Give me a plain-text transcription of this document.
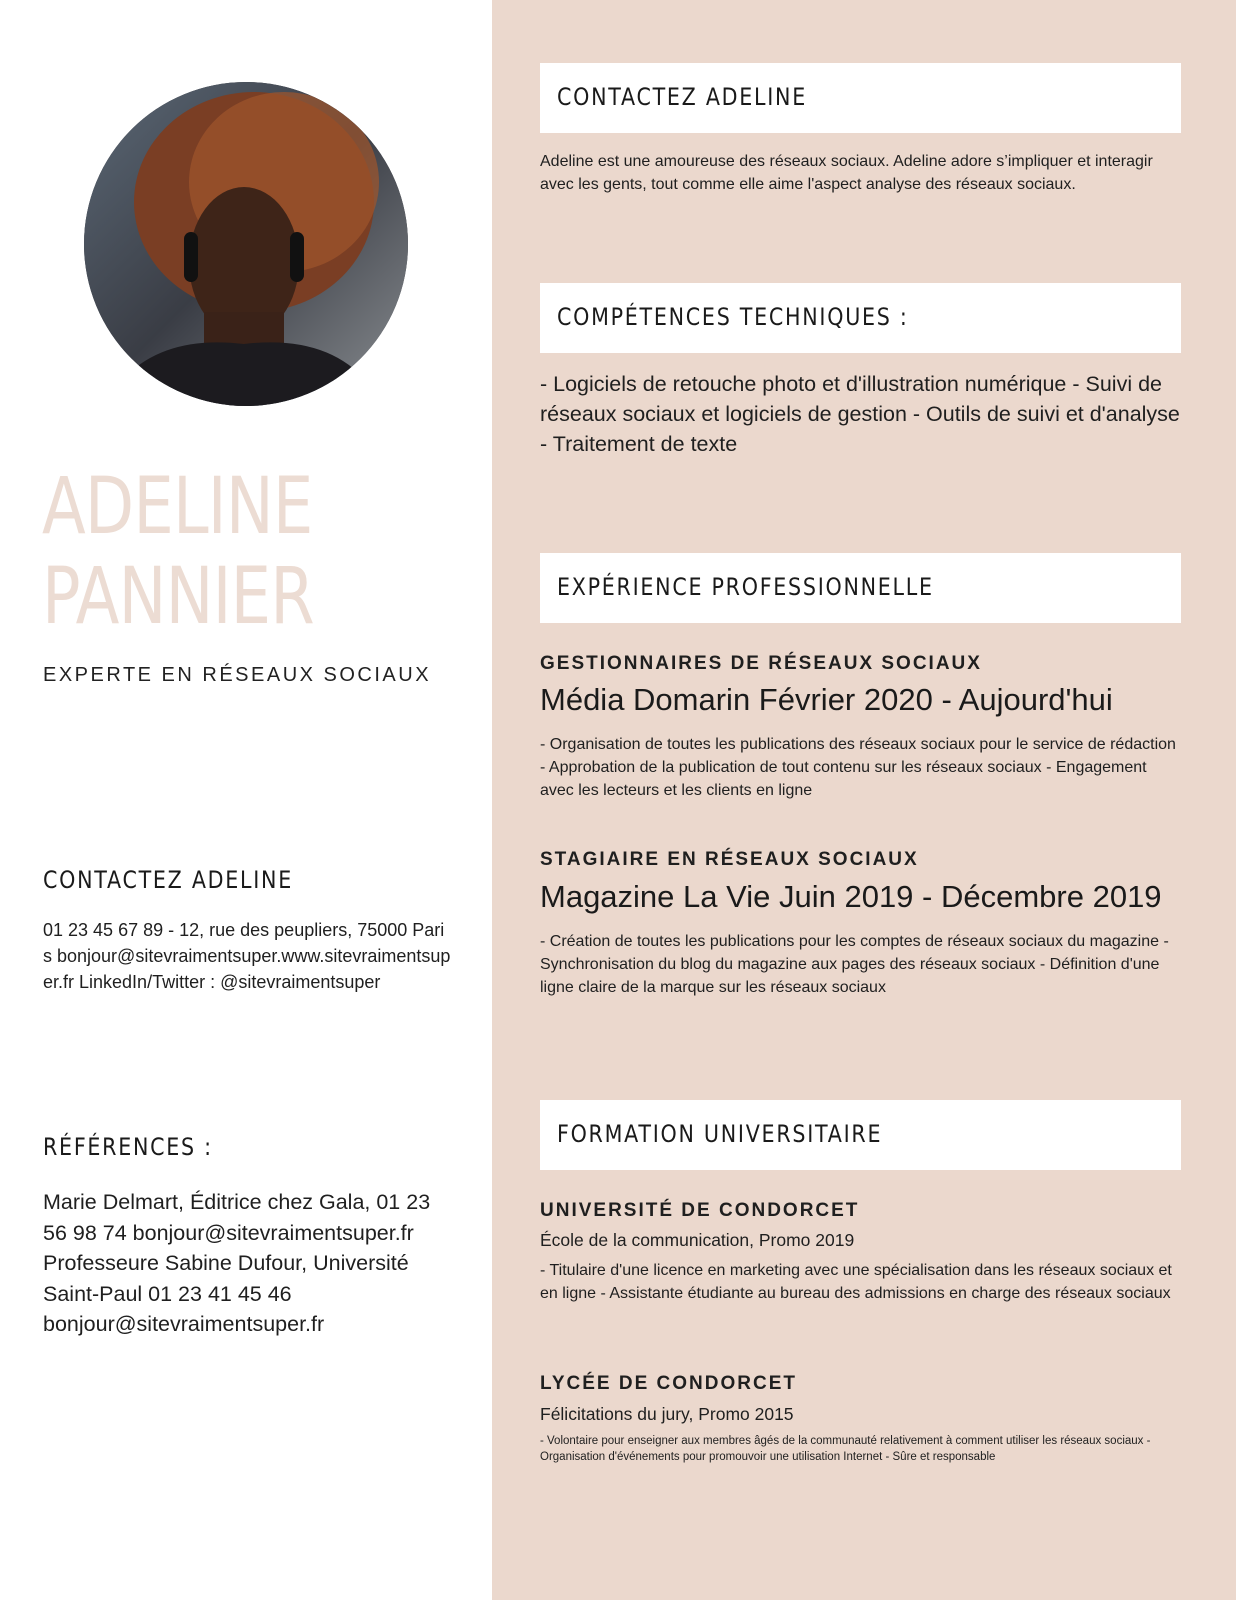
ADELINE
PANNIER
EXPERTE EN RÉSEAUX SOCIAUX
CONTACTEZ ADELINE
01 23 45 67 89 - 12, rue des peupliers, 75000 Paris bonjour@sitevraimentsuper.www.sitevraimentsuper.fr LinkedIn/Twitter : @sitevraimentsuper
RÉFÉRENCES :
Marie Delmart, Éditrice chez Gala, 01 23 56 98 74 bonjour@sitevraimentsuper.fr Professeure Sabine Dufour, Université Saint-Paul 01 23 41 45 46 bonjour@sitevraimentsuper.fr
CONTACTEZ ADELINE
Adeline est une amoureuse des réseaux sociaux. Adeline adore s’impliquer et interagir avec les gents, tout comme elle aime l'aspect analyse des réseaux sociaux.
COMPÉTENCES TECHNIQUES :
- Logiciels de retouche photo et d'illustration numérique - Suivi de réseaux sociaux et logiciels de gestion - Outils de suivi et d'analyse - Traitement de texte
EXPÉRIENCE PROFESSIONNELLE
GESTIONNAIRES DE RÉSEAUX SOCIAUX
Média Domarin Février 2020 - Aujourd'hui
- Organisation de toutes les publications des réseaux sociaux pour le service de rédaction - Approbation de la publication de tout contenu sur les réseaux sociaux - Engagement avec les lecteurs et les clients en ligne
STAGIAIRE EN RÉSEAUX SOCIAUX
Magazine La Vie Juin 2019 - Décembre 2019
- Création de toutes les publications pour les comptes de réseaux sociaux du magazine - Synchronisation du blog du magazine aux pages des réseaux sociaux - Définition d'une ligne claire de la marque sur les réseaux sociaux
FORMATION UNIVERSITAIRE
UNIVERSITÉ DE CONDORCET
École de la communication, Promo 2019
- Titulaire d'une licence en marketing avec une spécialisation dans les réseaux sociaux et en ligne - Assistante étudiante au bureau des admissions en charge des réseaux sociaux
LYCÉE DE CONDORCET
Félicitations du jury, Promo 2015
- Volontaire pour enseigner aux membres âgés de la communauté relativement à comment utiliser les réseaux sociaux - Organisation d'événements pour promouvoir une utilisation Internet - Sûre et responsable
